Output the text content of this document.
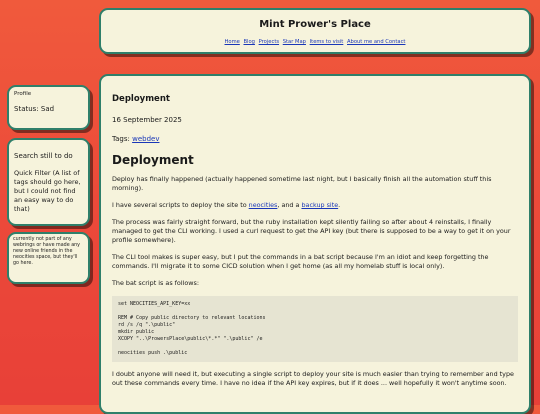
Mint Prower's Place
Home Blog Projects Star Map Items to visit About me and Contact
Profile
Status: Sad
Search still to do
Quick Filter (A list of tags should go here, but I could not find an easy way to do that)
currently not part of any webrings or have made any new online friends in the neocities space, but they'll go here.
Deployment
16 September 2025
Tags: webdev
Deployment

Deploy has finally happened (actually happened sometime last night, but I basically finish all the automation stuff this morning).

I have several scripts to deploy the site to neocities, and a backup site.

The process was fairly straight forward, but the ruby installation kept silently failing so after about 4 reinstalls, I finally managed to get the CLI working. I used a curl request to get the API key (but there is supposed to be a way to get it on your profile somewhere).

The CLI tool makes is super easy, but I put the commands in a bat script because I'm an idiot and keep forgetting the commands. I'll migrate it to some CICD solution when I get home (as all my homelab stuff is local only).

The bat script is as follows:

set NEOCITIES_API_KEY=xx

REM # Copy public directory to relevant locations
rd /s /q ".\public"
mkdir public
XCOPY "..\ProwersPlace\public\*.*" ".\public" /e

neocities push .\public

I doubt anyone will need it, but executing a single script to deploy your site is much easier than trying to remember and type out these commands every time. I have no idea if the API key expires, but if it does ... well hopefully it won't anytime soon.
